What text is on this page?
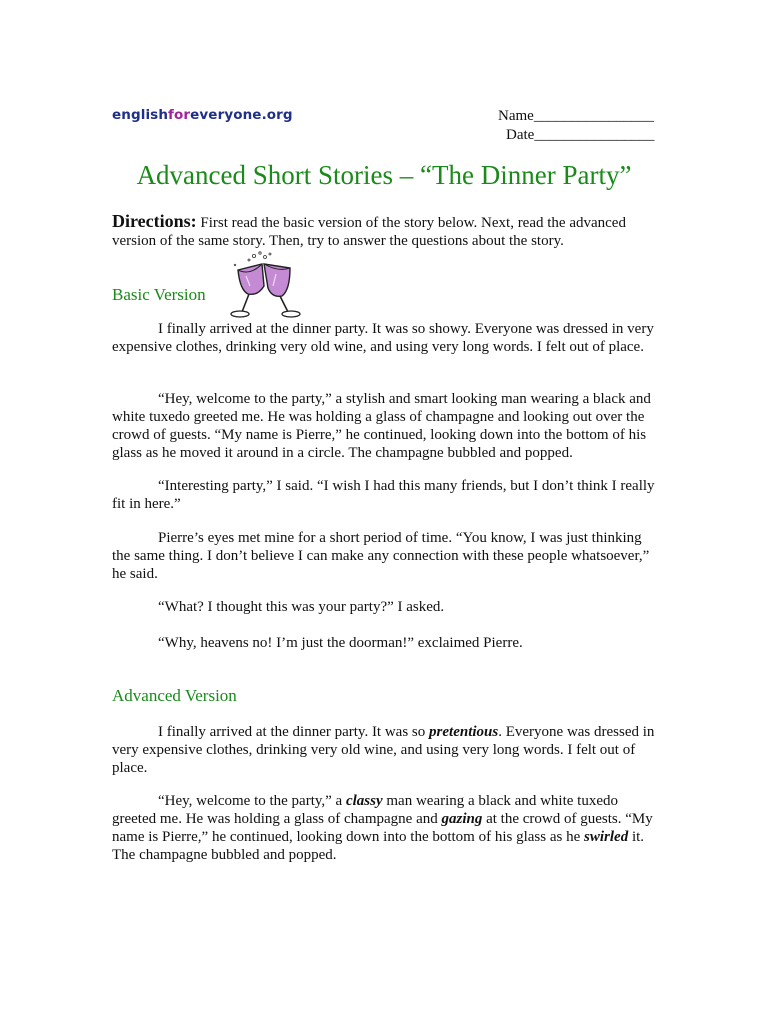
englishforeveryone.org	Name________________
Date________________
Advanced Short Stories – “The Dinner Party”

Directions: First read the basic version of the story below. Next, read the advanced version of the same story. Then, try to answer the questions about the story.

Basic Version

I finally arrived at the dinner party. It was so showy. Everyone was dressed in very expensive clothes, drinking very old wine, and using very long words. I felt out of place.

“Hey, welcome to the party,” a stylish and smart looking man wearing a black and white tuxedo greeted me. He was holding a glass of champagne and looking out over the crowd of guests. “My name is Pierre,” he continued, looking down into the bottom of his glass as he moved it around in a circle. The champagne bubbled and popped.

“Interesting party,” I said. “I wish I had this many friends, but I don’t think I really fit in here.”

Pierre’s eyes met mine for a short period of time. “You know, I was just thinking the same thing. I don’t believe I can make any connection with these people whatsoever,” he said.

“What? I thought this was your party?” I asked.

“Why, heavens no! I’m just the doorman!” exclaimed Pierre.

Advanced Version

I finally arrived at the dinner party. It was so pretentious. Everyone was dressed in very expensive clothes, drinking very old wine, and using very long words. I felt out of place.

“Hey, welcome to the party,” a classy man wearing a black and white tuxedo greeted me. He was holding a glass of champagne and gazing at the crowd of guests. “My name is Pierre,” he continued, looking down into the bottom of his glass as he swirled it. The champagne bubbled and popped.
